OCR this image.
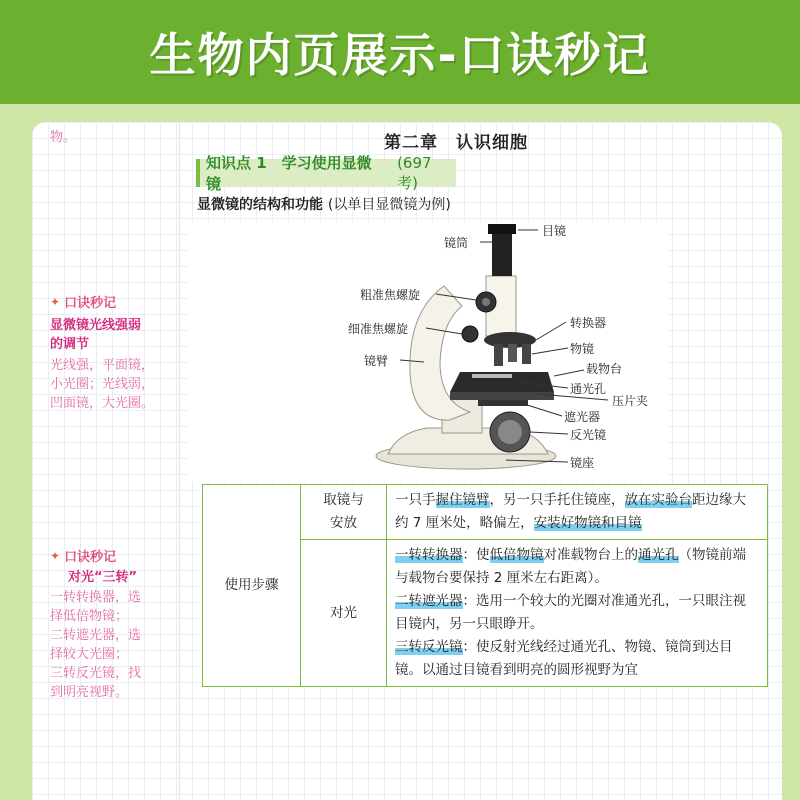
生物内页展示-口诀秒记
物。
✦ 口诀秒记
显微镜光线强弱
的调节
光线强，平面镜，
小光圈；光线弱，
凹面镜，大光圈。
✦ 口诀秒记
对光“三转”
一转转换器，选
择低倍物镜；
二转遮光器，选
择较大光圈；
三转反光镜，找
到明亮视野。
第二章　认识细胞
知识点 1　学习使用显微镜
(697 考)
显微镜的结构和功能 (以单目显微镜为例)
目镜
镜筒
粗准焦螺旋
细准焦螺旋	转换器
物镜
镜臂
载物台
通光孔
压片夹
遮光器
反光镜
镜座
使用步骤	取镜与
安放	一只手握住镜臂，另一只手托住镜座，放在实验台距边缘大约 7 厘米处，略偏左，安装好物镜和目镜
	对光	一转转换器：使低倍物镜对准载物台上的通光孔（物镜前端与载物台要保持 2 厘米左右距离）。
二转遮光器：选用一个较大的光圈对准通光孔，一只眼注视目镜内，另一只眼睁开。
三转反光镜：使反射光线经过通光孔、物镜、镜筒到达目镜。以通过目镜看到明亮的圆形视野为宜
